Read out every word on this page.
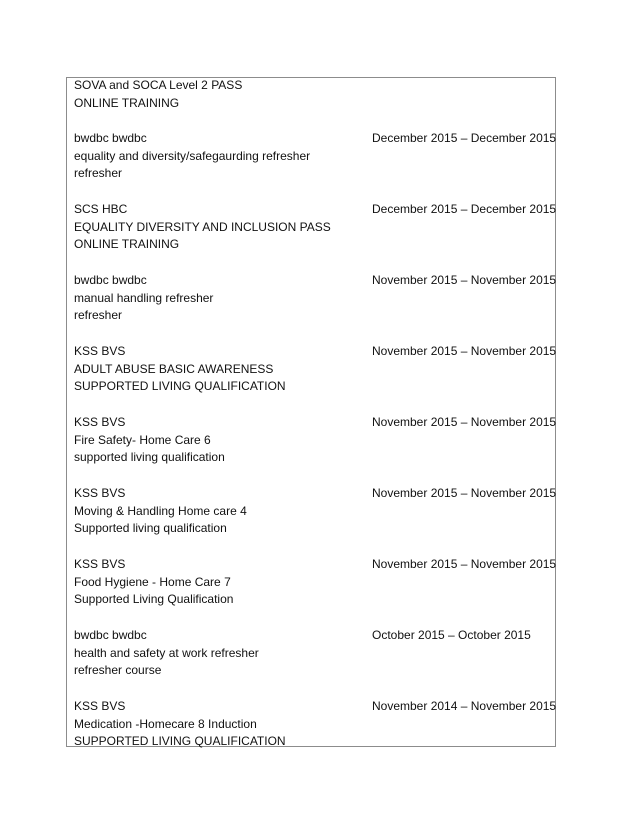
SOVA and SOCA Level 2 PASS
ONLINE TRAINING
bwdbc bwdbc
equality and diversity/safegaurding refresher
refresher
December 2015 – December 2015
SCS HBC
EQUALITY DIVERSITY AND INCLUSION PASS
ONLINE TRAINING
December 2015 – December 2015
bwdbc bwdbc
manual handling refresher
refresher
November 2015 – November 2015
KSS BVS
ADULT ABUSE BASIC AWARENESS
SUPPORTED LIVING QUALIFICATION
November 2015 – November 2015
KSS BVS
Fire Safety- Home Care 6
supported living qualification
November 2015 – November 2015
KSS BVS
Moving & Handling Home care 4
Supported living qualification
November 2015 – November 2015
KSS BVS
Food Hygiene - Home Care 7
Supported Living Qualification
November 2015 – November 2015
bwdbc bwdbc
health and safety at work refresher
refresher course
October 2015 – October 2015
KSS BVS
Medication -Homecare 8 Induction
SUPPORTED LIVING QUALIFICATION
November 2014 – November 2015
